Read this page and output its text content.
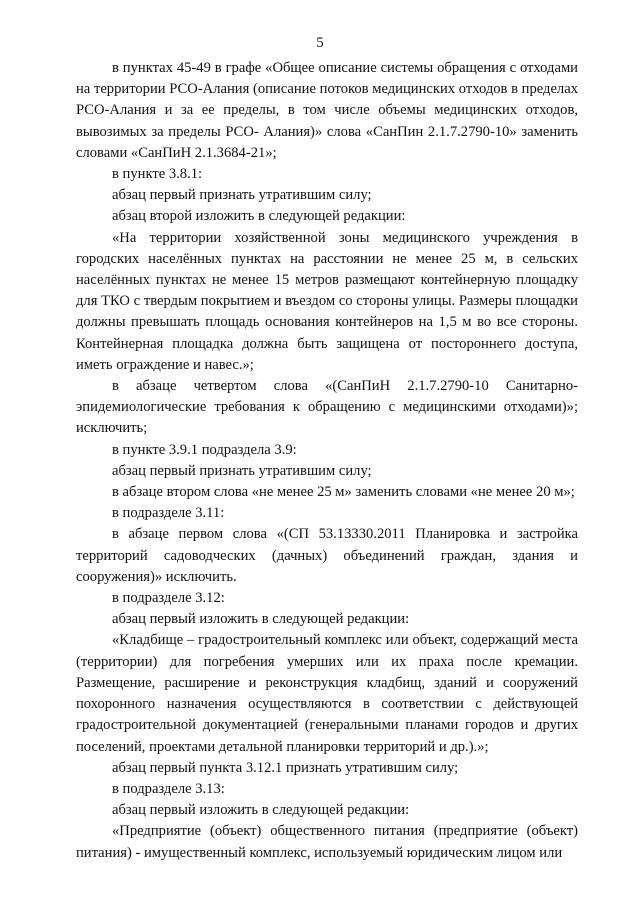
5

в пунктах 45-49 в графе «Общее описание системы обращения с отходами на территории РСО-Алания (описание потоков медицинских отходов в пределах РСО-Алания и за ее пределы, в том числе объемы медицинских отходов, вывозимых за пределы РСО- Алания)» слова «СанПин 2.1.7.2790-10» заменить словами «СанПиН 2.1.3684-21»;

в пункте 3.8.1:

абзац первый признать утратившим силу;

абзац второй изложить в следующей редакции:

«На территории хозяйственной зоны медицинского учреждения в городских населённых пунктах на расстоянии не менее 25 м, в сельских населённых пунктах не менее 15 метров размещают контейнерную площадку для ТКО с твердым покрытием и въездом со стороны улицы. Размеры площадки должны превышать площадь основания контейнеров на 1,5 м во все стороны. Контейнерная площадка должна быть защищена от постороннего доступа, иметь ограждение и навес.»;

в абзаце четвертом слова «(СанПиН 2.1.7.2790-10 Санитарно-эпидемиологические требования к обращению с медицинскими отходами)»; исключить;

в пункте 3.9.1 подраздела 3.9:

абзац первый признать утратившим силу;

в абзаце втором слова «не менее 25 м» заменить словами «не менее 20 м»;

в подразделе 3.11:

в абзаце первом слова «(СП 53.13330.2011 Планировка и застройка территорий садоводческих (дачных) объединений граждан, здания и сооружения)» исключить.

в подразделе 3.12:

абзац первый изложить в следующей редакции:

«Кладбище – градостроительный комплекс или объект, содержащий места (территории) для погребения умерших или их праха после кремации. Размещение, расширение и реконструкция кладбищ, зданий и сооружений похоронного назначения осуществляются в соответствии с действующей градостроительной документацией (генеральными планами городов и других поселений, проектами детальной планировки территорий и др.).»;

абзац первый пункта 3.12.1 признать утратившим силу;

в подразделе 3.13:

абзац первый изложить в следующей редакции:

«Предприятие (объект) общественного питания (предприятие (объект) питания) - имущественный комплекс, используемый юридическим лицом или
